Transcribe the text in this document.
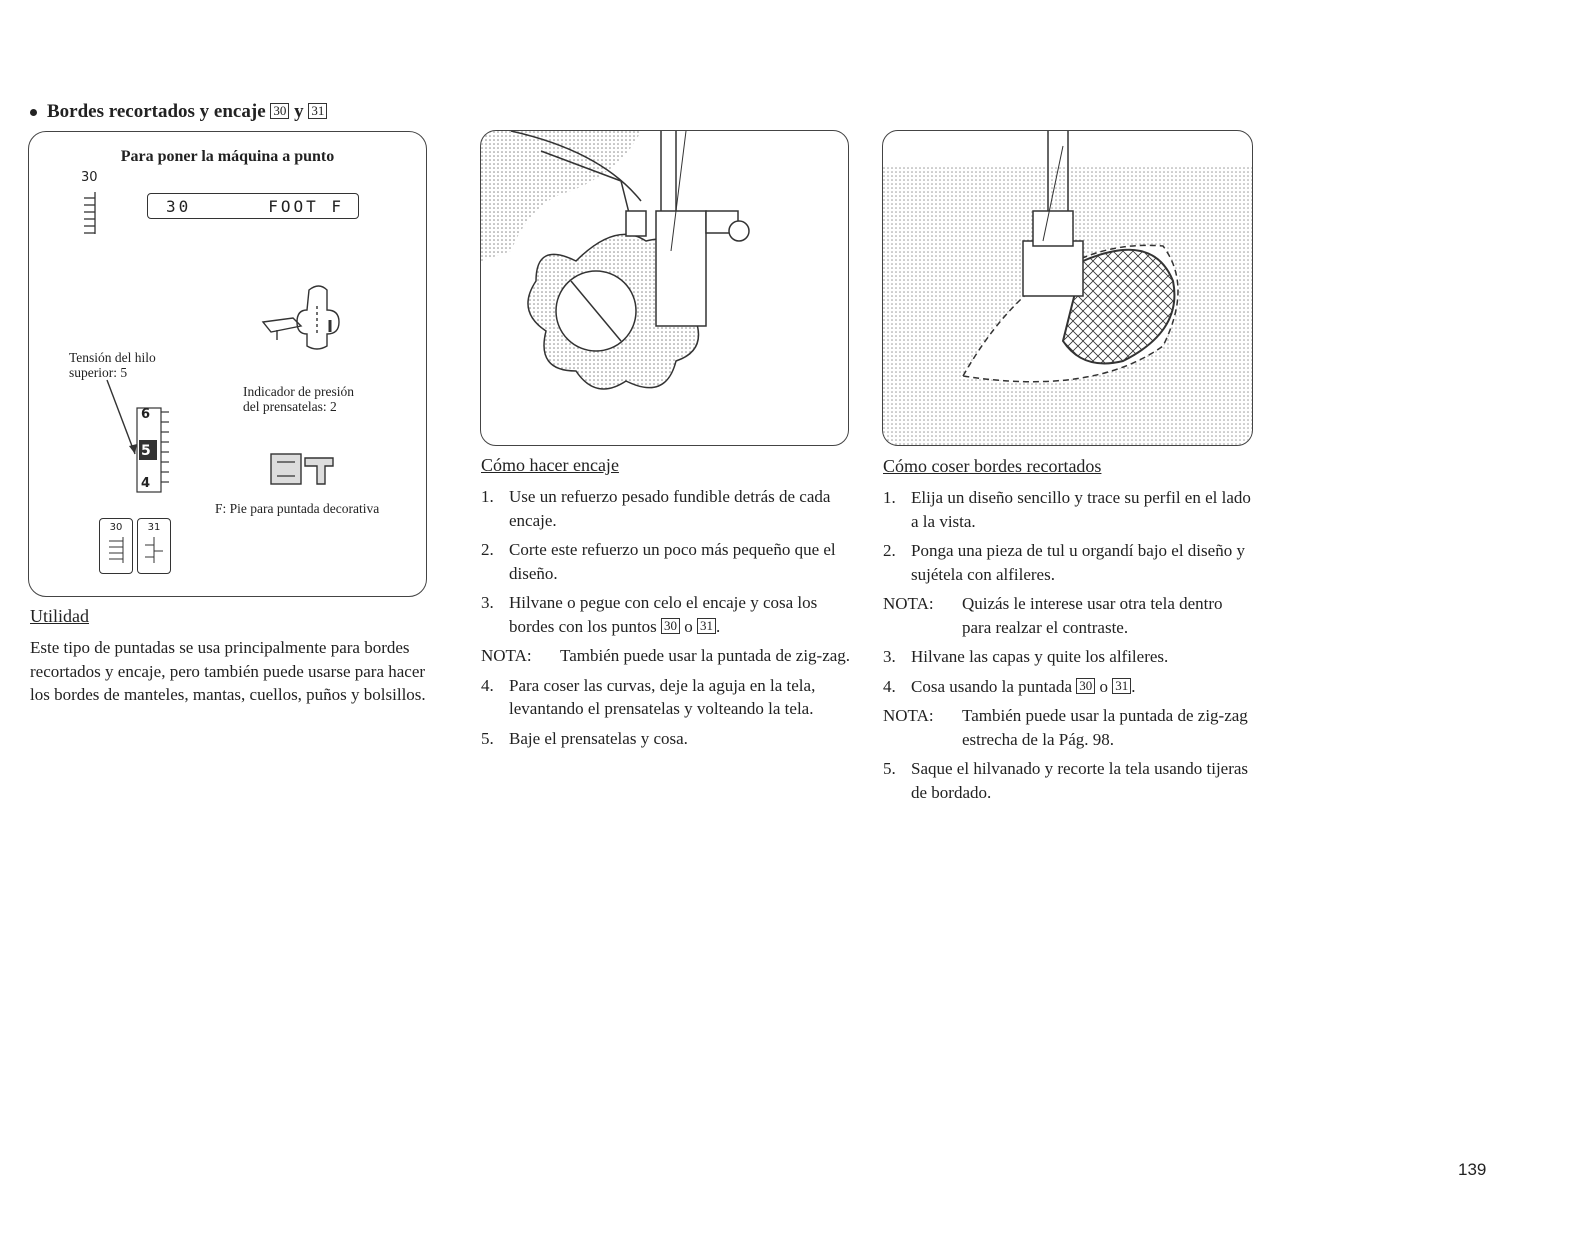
Bordes recortados y encaje 30 y 31
Para poner la máquina a punto
30
30	FOOT F
Tensión del hilo
superior: 5
6
5
4
Indicador de presión
del prensatelas: 2
F: Pie para puntada decorativa
30	31
Utilidad
Este tipo de puntadas se usa principalmente para bordes recortados y encaje, pero también puede usarse para hacer los bordes de manteles, mantas, cuellos, puños y bolsillos.
Cómo hacer encaje
1. Use un refuerzo pesado fundible detrás de cada encaje.
2. Corte este refuerzo un poco más pequeño que el diseño.
3. Hilvane o pegue con celo el encaje y cosa los bordes con los puntos 30 o 31 .
NOTA: También puede usar la puntada de zig-zag.
4. Para coser las curvas, deje la aguja en la tela, levantando el prensatelas y volteando la tela.
5. Baje el prensatelas y cosa.
Cómo coser bordes recortados
1. Elija un diseño sencillo y trace su perfil en el lado a la vista.
2. Ponga una pieza de tul u organdí bajo el diseño y sujétela con alfileres.
NOTA: Quizás le interese usar otra tela dentro para realzar el contraste.
3. Hilvane las capas y quite los alfileres.
4. Cosa usando la puntada 30 o 31 .
NOTA: También puede usar la puntada de zig-zag estrecha de la Pág. 98.
5. Saque el hilvanado y recorte la tela usando tijeras de bordado.
139
